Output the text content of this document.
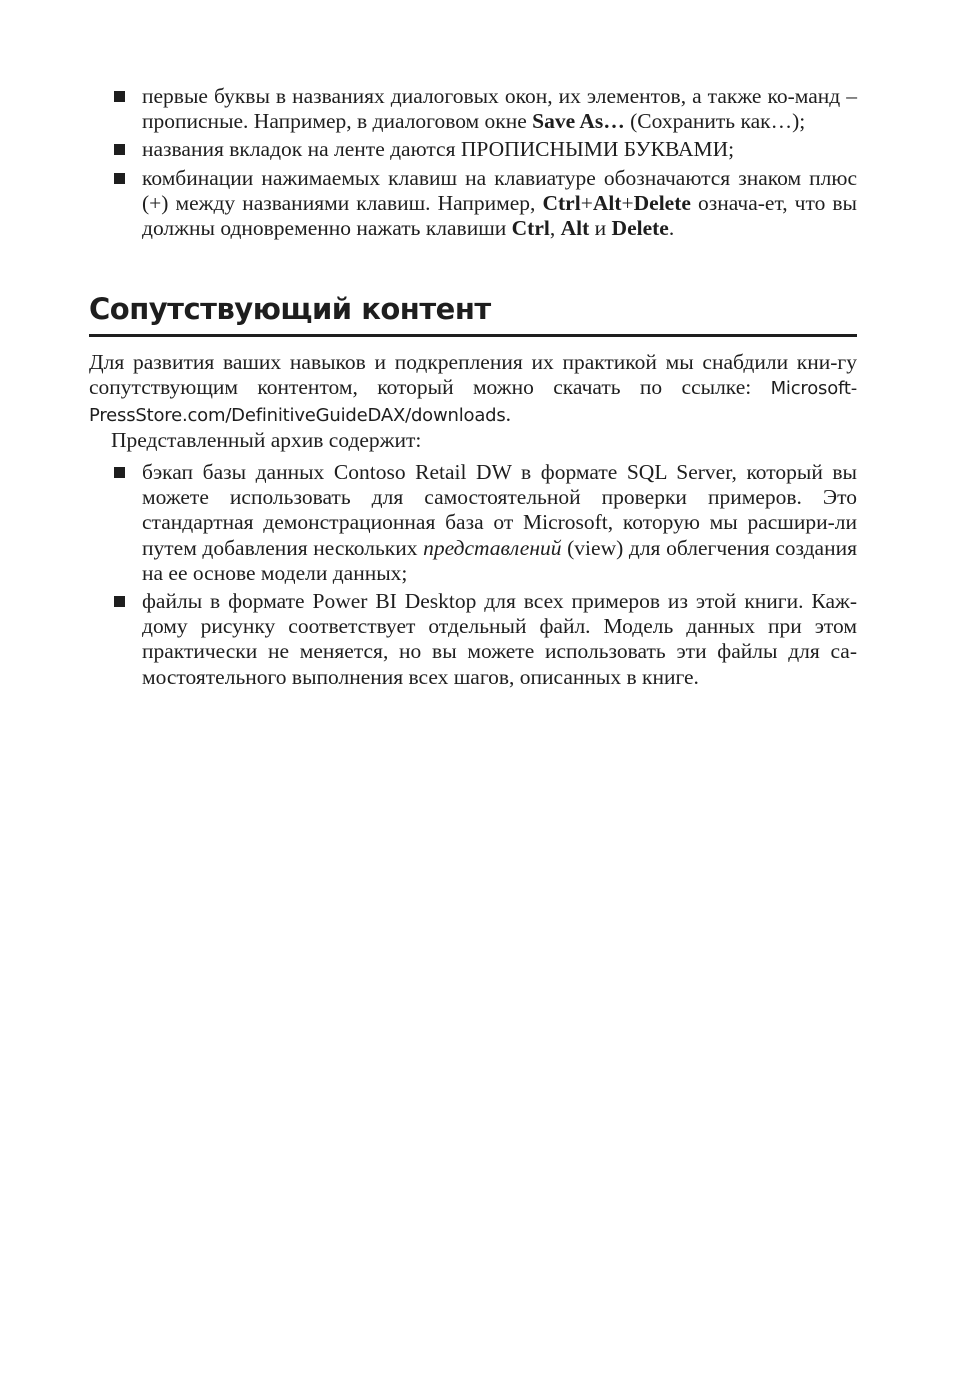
первые буквы в названиях диалоговых окон, их элементов, а также ко-манд – прописные. Например, в диалоговом окне Save As… (Сохранить как…);
названия вкладок на ленте даются ПРОПИСНЫМИ БУКВАМИ;
комбинации нажимаемых клавиш на клавиатуре обозначаются знаком плюс (+) между названиями клавиш. Например, Ctrl+Alt+Delete означа-ет, что вы должны одновременно нажать клавиши Ctrl, Alt и Delete.
Сопутствующий контент
Для развития ваших навыков и подкрепления их практикой мы снабдили кни-гу сопутствующим контентом, который можно скачать по ссылке: Microsoft-PressStore.com/DefinitiveGuideDAX/downloads.
Представленный архив содержит:
бэкап базы данных Contoso Retail DW в формате SQL Server, который вы можете использовать для самостоятельной проверки примеров. Это стандартная демонстрационная база от Microsoft, которую мы расшири-ли путем добавления нескольких представлений (view) для облегчения создания на ее основе модели данных;
файлы в формате Power BI Desktop для всех примеров из этой книги. Каж-дому рисунку соответствует отдельный файл. Модель данных при этом практически не меняется, но вы можете использовать эти файлы для са-мостоятельного выполнения всех шагов, описанных в книге.
